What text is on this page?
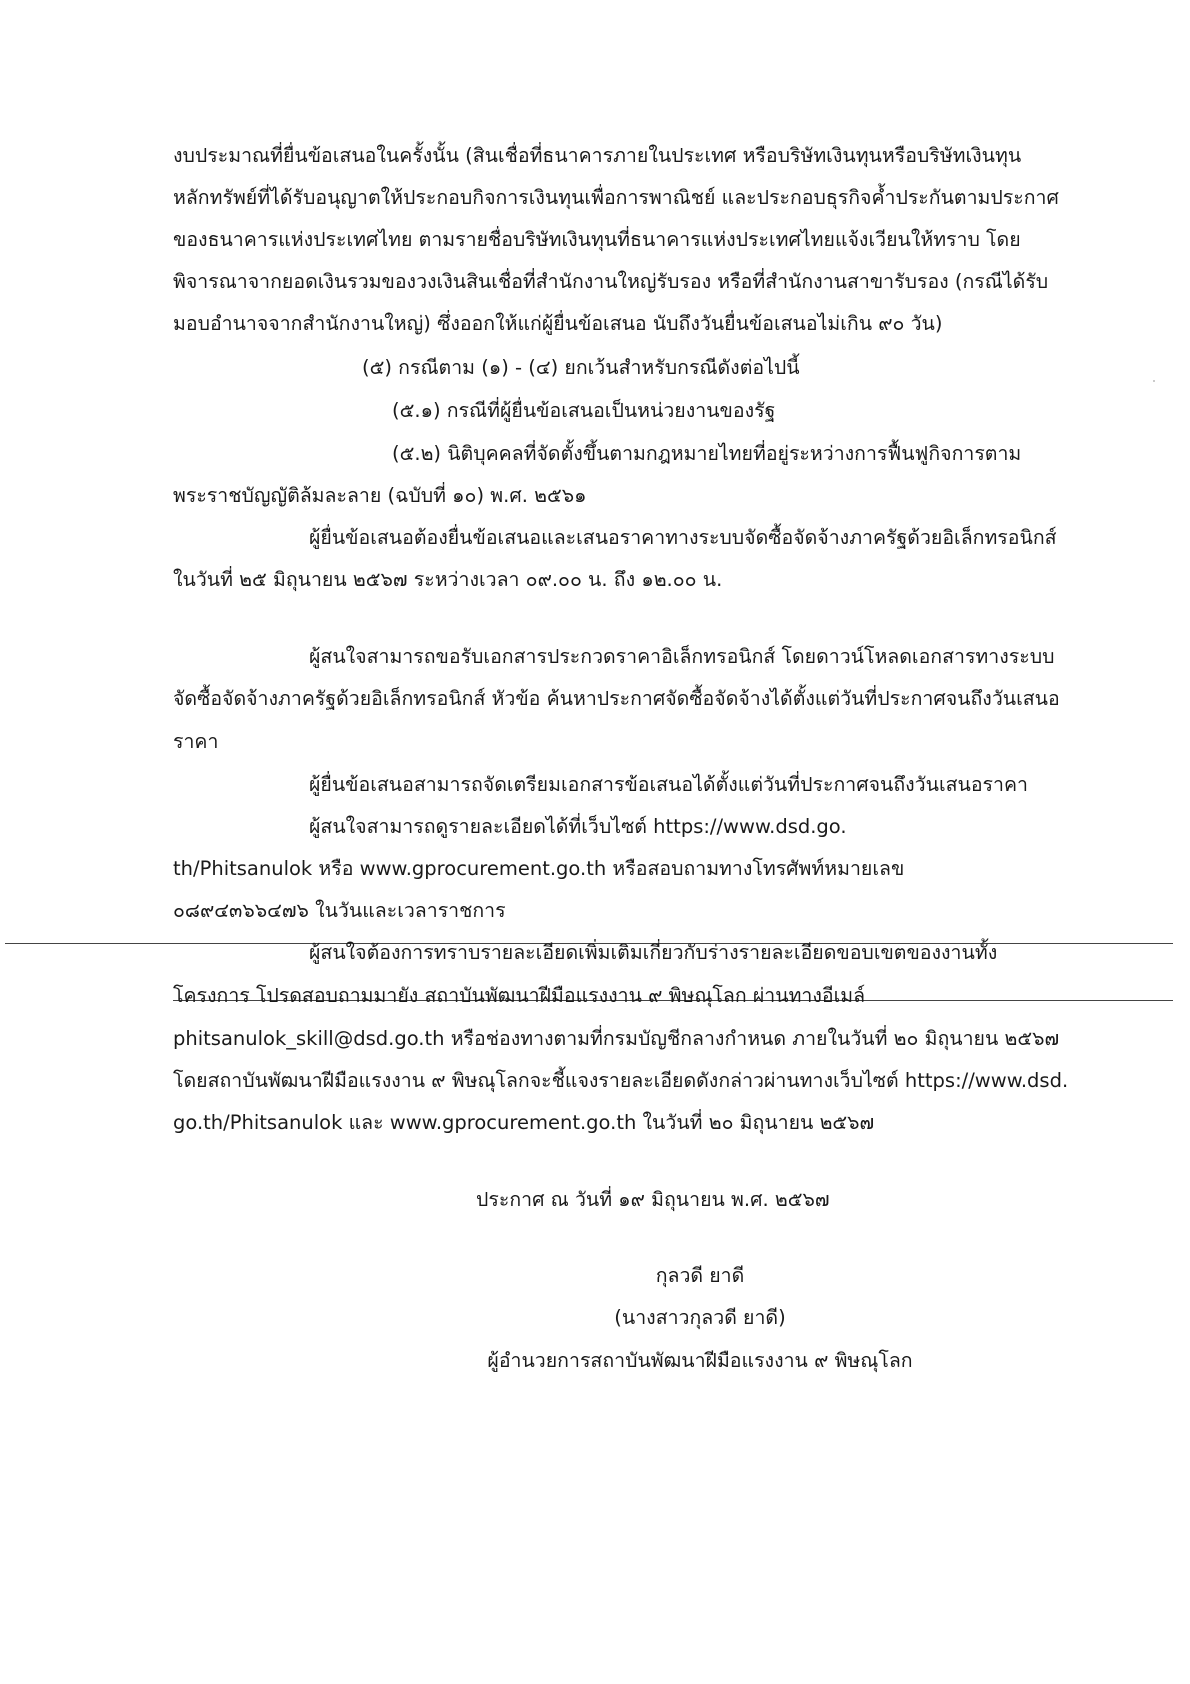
งบประมาณที่ยื่นข้อเสนอในครั้งนั้น (สินเชื่อที่ธนาคารภายในประเทศ หรือบริษัทเงินทุนหรือบริษัทเงินทุน
หลักทรัพย์ที่ได้รับอนุญาตให้ประกอบกิจการเงินทุนเพื่อการพาณิชย์ และประกอบธุรกิจค้ำประกันตามประกาศ
ของธนาคารแห่งประเทศไทย ตามรายชื่อบริษัทเงินทุนที่ธนาคารแห่งประเทศไทยแจ้งเวียนให้ทราบ โดย
พิจารณาจากยอดเงินรวมของวงเงินสินเชื่อที่สำนักงานใหญ่รับรอง หรือที่สำนักงานสาขารับรอง (กรณีได้รับ
มอบอำนาจจากสำนักงานใหญ่) ซึ่งออกให้แก่ผู้ยื่นข้อเสนอ นับถึงวันยื่นข้อเสนอไม่เกิน ๙๐ วัน)
(๕) กรณีตาม (๑) - (๔) ยกเว้นสำหรับกรณีดังต่อไปนี้
(๕.๑) กรณีที่ผู้ยื่นข้อเสนอเป็นหน่วยงานของรัฐ
(๕.๒) นิติบุคคลที่จัดตั้งขึ้นตามกฎหมายไทยที่อยู่ระหว่างการฟื้นฟูกิจการตาม
พระราชบัญญัติล้มละลาย (ฉบับที่ ๑๐) พ.ศ. ๒๕๖๑
ผู้ยื่นข้อเสนอต้องยื่นข้อเสนอและเสนอราคาทางระบบจัดซื้อจัดจ้างภาครัฐด้วยอิเล็กทรอนิกส์
ในวันที่ ๒๕ มิถุนายน ๒๕๖๗ ระหว่างเวลา ๐๙.๐๐ น. ถึง ๑๒.๐๐ น.
ผู้สนใจสามารถขอรับเอกสารประกวดราคาอิเล็กทรอนิกส์ โดยดาวน์โหลดเอกสารทางระบบ
จัดซื้อจัดจ้างภาครัฐด้วยอิเล็กทรอนิกส์ หัวข้อ ค้นหาประกาศจัดซื้อจัดจ้างได้ตั้งแต่วันที่ประกาศจนถึงวันเสนอ
ราคา
ผู้ยื่นข้อเสนอสามารถจัดเตรียมเอกสารข้อเสนอได้ตั้งแต่วันที่ประกาศจนถึงวันเสนอราคา
ผู้สนใจสามารถดูรายละเอียดได้ที่เว็บไซต์ https://www.dsd.go.
th/Phitsanulok หรือ www.gprocurement.go.th หรือสอบถามทางโทรศัพท์หมายเลข
๐๘๙๔๓๖๖๔๗๖ ในวันและเวลาราชการ
ผู้สนใจต้องการทราบรายละเอียดเพิ่มเติมเกี่ยวกับร่างรายละเอียดขอบเขตของงานทั้ง
โครงการ โปรดสอบถามมายัง สถาบันพัฒนาฝีมือแรงงาน ๙ พิษณุโลก ผ่านทางอีเมล์
phitsanulok_skill@dsd.go.th หรือช่องทางตามที่กรมบัญชีกลางกำหนด ภายในวันที่ ๒๐ มิถุนายน ๒๕๖๗
โดยสถาบันพัฒนาฝีมือแรงงาน ๙ พิษณุโลกจะชี้แจงรายละเอียดดังกล่าวผ่านทางเว็บไซต์ https://www.dsd.
go.th/Phitsanulok และ www.gprocurement.go.th ในวันที่ ๒๐ มิถุนายน ๒๕๖๗
ประกาศ ณ วันที่ ๑๙ มิถุนายน พ.ศ. ๒๕๖๗
กุลวดี ยาดี
(นางสาวกุลวดี ยาดี)
ผู้อำนวยการสถาบันพัฒนาฝีมือแรงงาน ๙ พิษณุโลก
